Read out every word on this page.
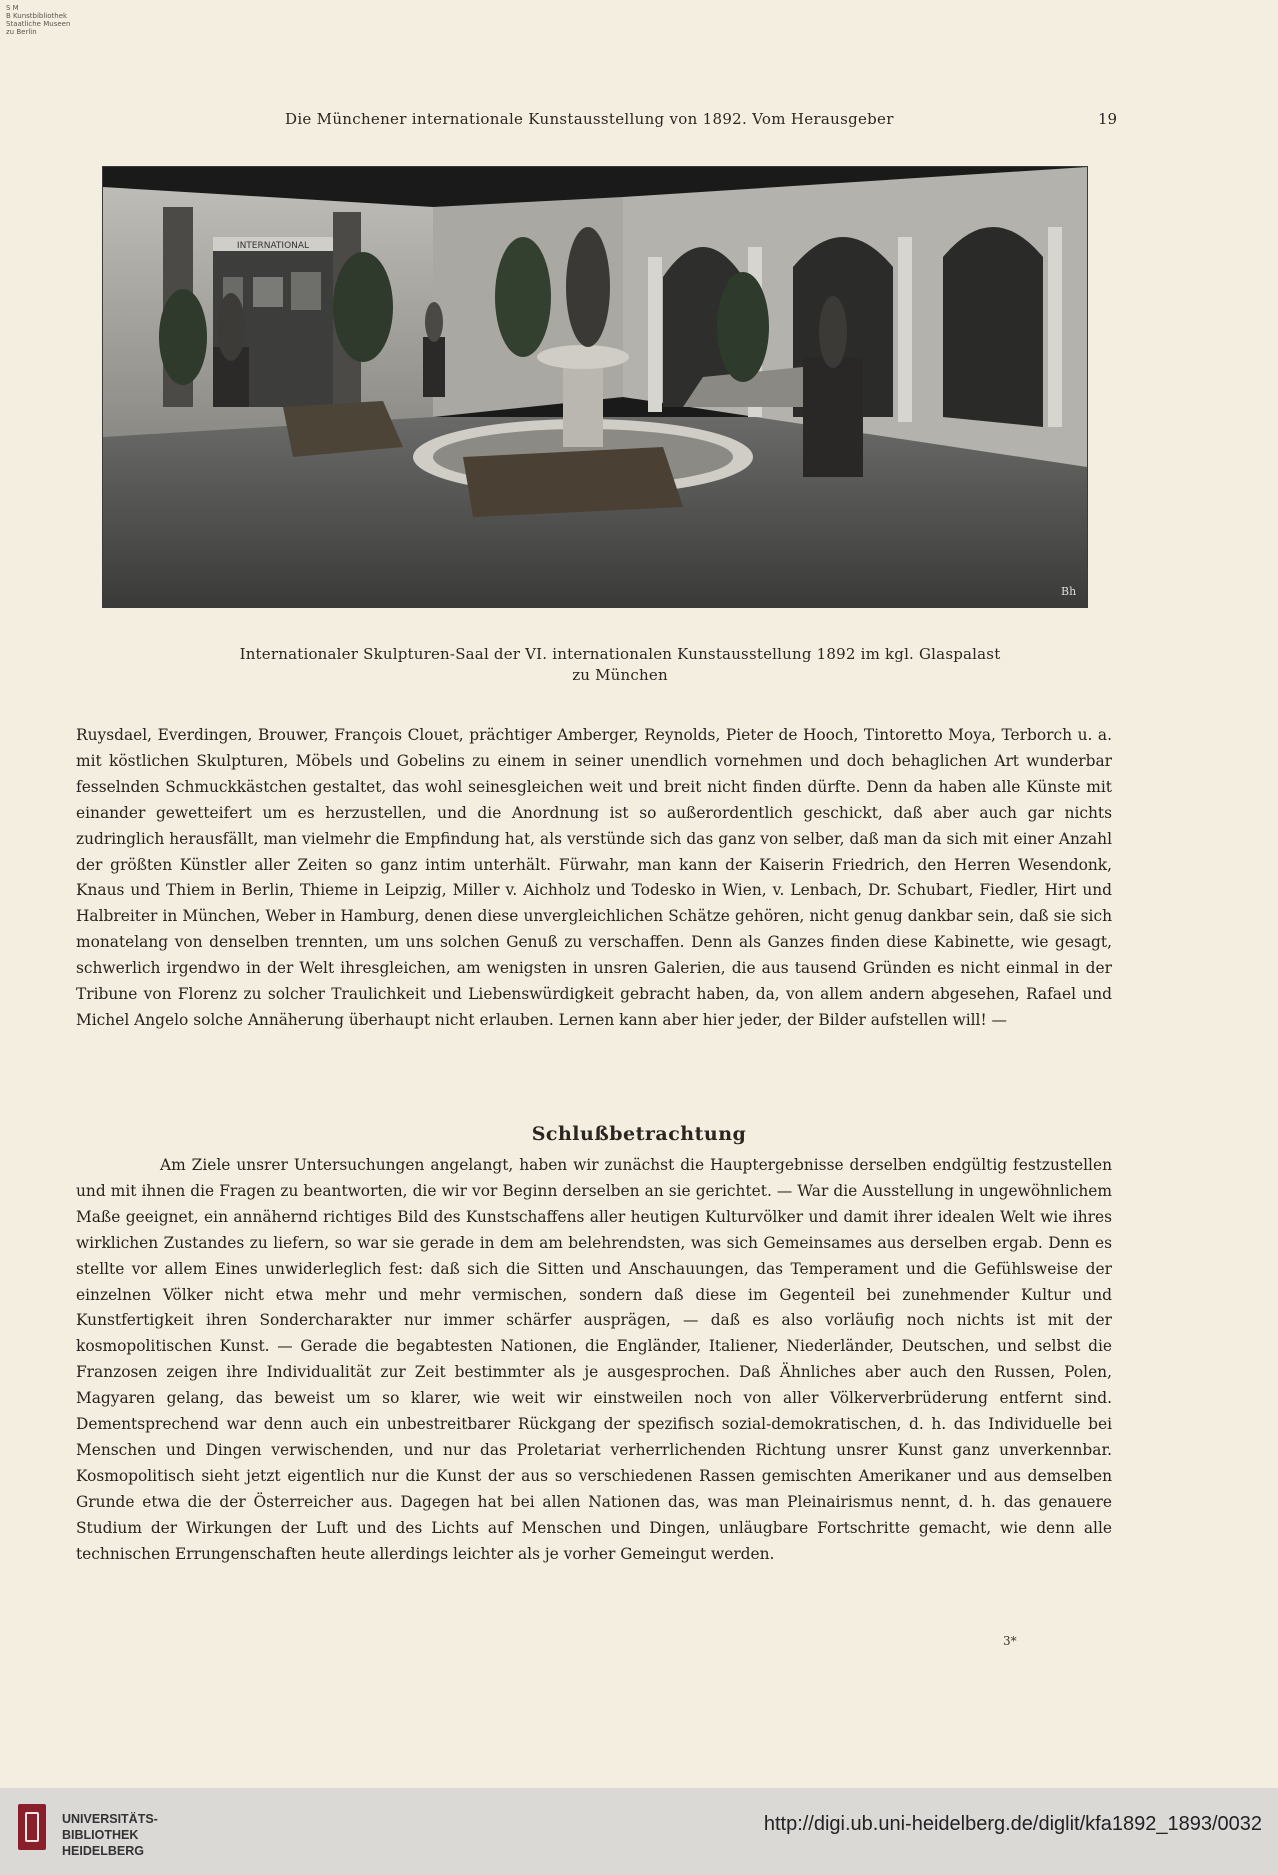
S M
B Kunstbibliothek
Staatliche Museen
zu Berlin
Die Münchener internationale Kunstausstellung von 1892. Vom Herausgeber	19
INTERNATIONAL
Bh
Internationaler Skulpturen-Saal der VI. internationalen Kunstausstellung 1892 im kgl. Glaspalast
zu München
Ruysdael, Everdingen, Brouwer, François Clouet, prächtiger Amberger, Reynolds, Pieter de Hooch, Tintoretto Moya, Terborch u. a. mit köstlichen Skulpturen, Möbels und Gobelins zu einem in seiner unendlich vornehmen und doch behaglichen Art wunderbar fesselnden Schmuckkästchen gestaltet, das wohl seinesgleichen weit und breit nicht finden dürfte. Denn da haben alle Künste mit einander gewetteifert um es herzustellen, und die Anordnung ist so außerordentlich geschickt, daß aber auch gar nichts zudringlich herausfällt, man vielmehr die Empfindung hat, als verstünde sich das ganz von selber, daß man da sich mit einer Anzahl der größten Künstler aller Zeiten so ganz intim unterhält. Fürwahr, man kann der Kaiserin Friedrich, den Herren Wesendonk, Knaus und Thiem in Berlin, Thieme in Leipzig, Miller v. Aichholz und Todesko in Wien, v. Lenbach, Dr. Schubart, Fiedler, Hirt und Halbreiter in München, Weber in Hamburg, denen diese unvergleichlichen Schätze gehören, nicht genug dankbar sein, daß sie sich monatelang von denselben trennten, um uns solchen Genuß zu verschaffen. Denn als Ganzes finden diese Kabinette, wie gesagt, schwerlich irgendwo in der Welt ihresgleichen, am wenigsten in unsren Galerien, die aus tausend Gründen es nicht einmal in der Tribune von Florenz zu solcher Traulichkeit und Liebenswürdigkeit gebracht haben, da, von allem andern abgesehen, Rafael und Michel Angelo solche Annäherung überhaupt nicht erlauben. Lernen kann aber hier jeder, der Bilder aufstellen will! —
Schlußbetrachtung
Am Ziele unsrer Untersuchungen angelangt, haben wir zunächst die Hauptergebnisse derselben endgültig festzustellen und mit ihnen die Fragen zu beantworten, die wir vor Beginn derselben an sie gerichtet. — War die Ausstellung in ungewöhnlichem Maße geeignet, ein annähernd richtiges Bild des Kunstschaffens aller heutigen Kulturvölker und damit ihrer idealen Welt wie ihres wirklichen Zustandes zu liefern, so war sie gerade in dem am belehrendsten, was sich Gemeinsames aus derselben ergab. Denn es stellte vor allem Eines unwiderleglich fest: daß sich die Sitten und Anschauungen, das Temperament und die Gefühlsweise der einzelnen Völker nicht etwa mehr und mehr vermischen, sondern daß diese im Gegenteil bei zunehmender Kultur und Kunstfertigkeit ihren Sondercharakter nur immer schärfer ausprägen, — daß es also vorläufig noch nichts ist mit der kosmopolitischen Kunst. — Gerade die begabtesten Nationen, die Engländer, Italiener, Niederländer, Deutschen, und selbst die Franzosen zeigen ihre Individualität zur Zeit bestimmter als je ausgesprochen. Daß Ähnliches aber auch den Russen, Polen, Magyaren gelang, das beweist um so klarer, wie weit wir einstweilen noch von aller Völkerverbrüderung entfernt sind. Dementsprechend war denn auch ein unbestreitbarer Rückgang der spezifisch sozial-demokratischen, d. h. das Individuelle bei Menschen und Dingen verwischenden, und nur das Proletariat verherrlichenden Richtung unsrer Kunst ganz unverkennbar. Kosmopolitisch sieht jetzt eigentlich nur die Kunst der aus so verschiedenen Rassen gemischten Amerikaner und aus demselben Grunde etwa die der Österreicher aus. Dagegen hat bei allen Nationen das, was man Pleinairismus nennt, d. h. das genauere Studium der Wirkungen der Luft und des Lichts auf Menschen und Dingen, unläugbare Fortschritte gemacht, wie denn alle technischen Errungenschaften heute allerdings leichter als je vorher Gemeingut werden.
3*
UNIVERSITÄTS-
BIBLIOTHEK
HEIDELBERG
http://digi.ub.uni-heidelberg.de/diglit/kfa1892_1893/0032
